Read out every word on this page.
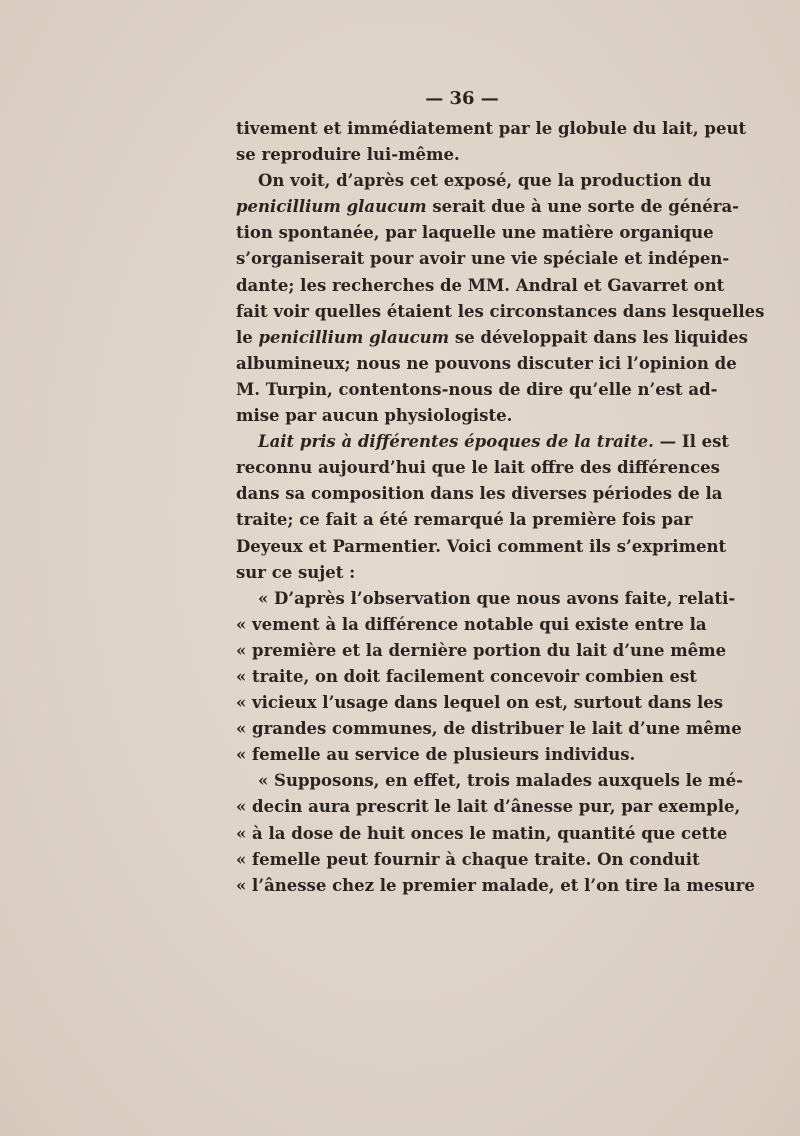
— 36 —
tivement et immédiatement par le globule du lait, peut
se reproduire lui-même.
On voit, d’après cet exposé, que la production du
penicillium glaucum serait due à une sorte de généra-
tion spontanée, par laquelle une matière organique
s’organiserait pour avoir une vie spéciale et indépen-
dante; les recherches de MM. Andral et Gavarret ont
fait voir quelles étaient les circonstances dans lesquelles
le penicillium glaucum se développait dans les liquides
albumineux; nous ne pouvons discuter ici l’opinion de
M. Turpin, contentons-nous de dire qu’elle n’est ad-
mise par aucun physiologiste.
Lait pris à différentes époques de la traite. — Il est
reconnu aujourd’hui que le lait offre des différences
dans sa composition dans les diverses périodes de la
traite; ce fait a été remarqué la première fois par
Deyeux et Parmentier. Voici comment ils s’expriment
sur ce sujet :
« D’après l’observation que nous avons faite, relati-
« vement à la différence notable qui existe entre la
« première et la dernière portion du lait d’une même
« traite, on doit facilement concevoir combien est
« vicieux l’usage dans lequel on est, surtout dans les
« grandes communes, de distribuer le lait d’une même
« femelle au service de plusieurs individus.
« Supposons, en effet, trois malades auxquels le mé-
« decin aura prescrit le lait d’ânesse pur, par exemple,
« à la dose de huit onces le matin, quantité que cette
« femelle peut fournir à chaque traite. On conduit
« l’ânesse chez le premier malade, et l’on tire la mesure
